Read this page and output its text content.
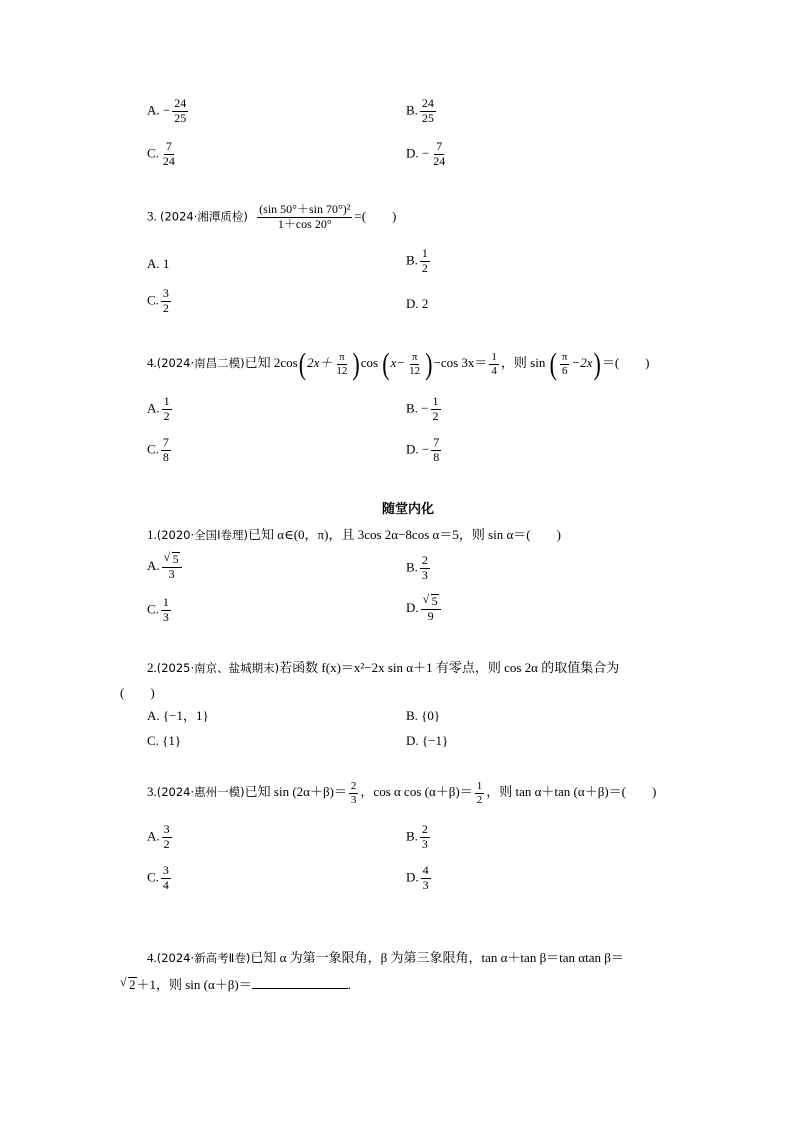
A. − $\frac{24}{25}$	B. $\frac{24}{25}$
C. $\frac{7}{24}$	D. − $\frac{7}{24}$
3. (2024·湘潭质检) $\frac{\text{(sin 50°＋sin 70°)²}}{1+\cos 20^\circ}$ =(　　)
A. 1	B. $\frac{1}{2}$
C. $\frac{3}{2}$	D. 2
4.(2024·南昌二模)已知 $2\cos(2x+ \frac{\pi}{12} )\cos$ $(x- \frac{\pi}{12} )-\cos$ $3x= \frac{1}{4}$ ，则 sin ( $\frac{\pi}{6} -2x)=$(　　)
A. $\frac{1}{2}$	B. − $\frac{1}{2}$
C. $\frac{7}{8}$	D. − $\frac{7}{8}$
随堂内化
1.(2020·全国Ⅰ卷理)已知 α∈(0，π)，且 3cos 2α−8cos α＝5，则 sin α＝(　　)
A. $\frac{√ 5}{3}$	B. $\frac{2}{3}$
C. $\frac{1}{3}$	D. $\frac{√ 5}{9}$
2.(2025·南京、盐城期末)若函数 f(x)＝x²−2x sin α＋1 有零点，则 cos 2α 的取值集合为
(　　)
A. {−1，1}	B. {0}
C. {1}	D. {−1}
3.(2024·惠州一模)已知 $\sin (2\alpha+\beta)= \frac{2}{3}$ ，cos α $\cos (\alpha+\beta)= \frac{1}{2}$ ，则 tan α＋tan (α＋β)＝(　　)
A. $\frac{3}{2}$	B. $\frac{2}{3}$
C. $\frac{3}{4}$	D. $\frac{4}{3}$
4.(2024·新高考Ⅱ卷)已知 α 为第一象限角，β 为第三象限角，tan α＋tan β＝tan αtan β＝
√ 2＋1，则 sin (α＋β)＝	.
